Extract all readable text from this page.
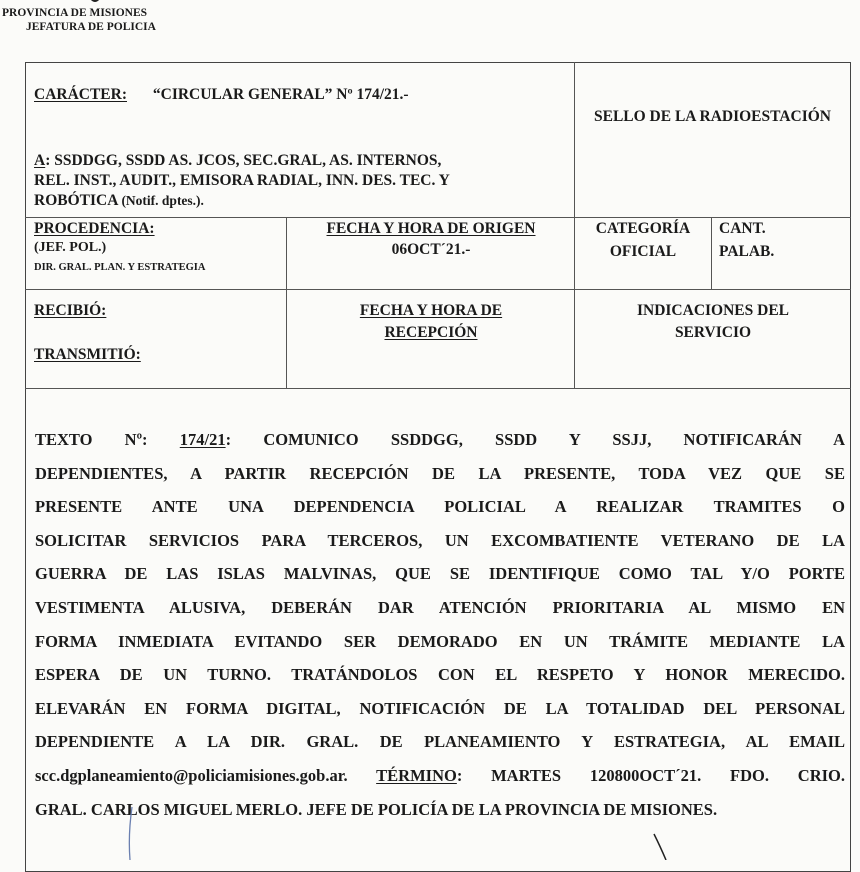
PROVINCIA DE MISIONES
JEFATURA DE POLICIA
CARÁCTER: “CIRCULAR GENERAL” Nº 174/21.-
SELLO DE LA RADIOESTACIÓN
A: SSDDGG, SSDD AS. JCOS, SEC.GRAL, AS. INTERNOS,
REL. INST., AUDIT., EMISORA RADIAL, INN. DES. TEC. Y
ROBÓTICA (Notif. dptes.).
PROCEDENCIA:
(JEF. POL.)
DIR. GRAL. PLAN. Y ESTRATEGIA
FECHA Y HORA DE ORIGEN
06OCT´21.-
CATEGORÍA
OFICIAL
CANT.
PALAB.
RECIBIÓ:
TRANSMITIÓ:
FECHA Y HORA DE
RECEPCIÓN
INDICACIONES DEL
SERVICIO

TEXTO Nº: 174/21: COMUNICO SSDDGG, SSDD Y SSJJ, NOTIFICARÁN A

DEPENDIENTES, A PARTIR RECEPCIÓN DE LA PRESENTE, TODA VEZ QUE SE

PRESENTE ANTE UNA DEPENDENCIA POLICIAL A REALIZAR TRAMITES O

SOLICITAR SERVICIOS PARA TERCEROS, UN EXCOMBATIENTE VETERANO DE LA

GUERRA DE LAS ISLAS MALVINAS, QUE SE IDENTIFIQUE COMO TAL Y/O PORTE

VESTIMENTA ALUSIVA, DEBERÁN DAR ATENCIÓN PRIORITARIA AL MISMO EN

FORMA INMEDIATA EVITANDO SER DEMORADO EN UN TRÁMITE MEDIANTE LA

ESPERA DE UN TURNO. TRATÁNDOLOS CON EL RESPETO Y HONOR MERECIDO.

ELEVARÁN EN FORMA DIGITAL, NOTIFICACIÓN DE LA TOTALIDAD DEL PERSONAL

DEPENDIENTE A LA DIR. GRAL. DE PLANEAMIENTO Y ESTRATEGIA, AL EMAIL

scc.dgplaneamiento@policiamisiones.gob.ar. TÉRMINO: MARTES 120800OCT´21. FDO. CRIO.

GRAL. CARLOS MIGUEL MERLO. JEFE DE POLICÍA DE LA PROVINCIA DE MISIONES.
